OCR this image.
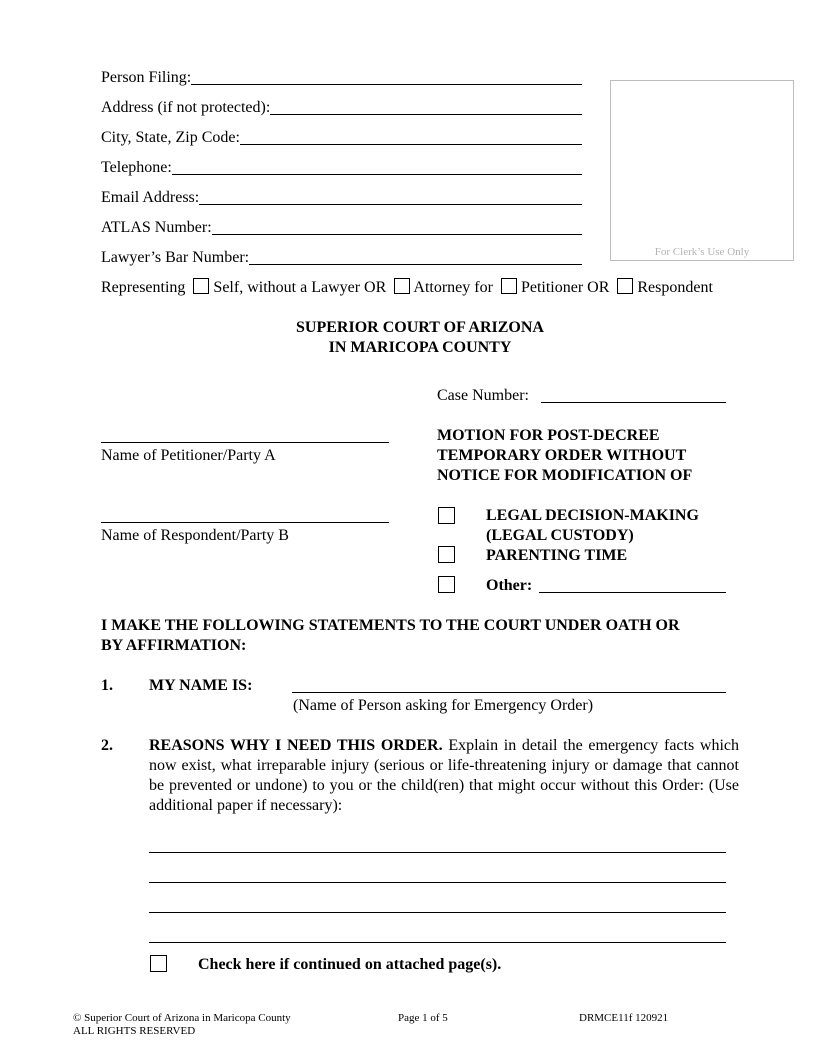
Person Filing:
Address (if not protected):
City, State, Zip Code:
Telephone:
Email Address:
ATLAS Number:
Lawyer’s Bar Number:	For Clerk’s Use Only
Representing Self, without a Lawyer OR Attorney for Petitioner OR Respondent
SUPERIOR COURT OF ARIZONA
IN MARICOPA COUNTY
Case Number:
Name of Petitioner/Party A
Name of Respondent/Party B
MOTION FOR POST-DECREE
TEMPORARY ORDER WITHOUT
NOTICE FOR MODIFICATION OF
LEGAL DECISION-MAKING
(LEGAL CUSTODY)
PARENTING TIME
Other:
I MAKE THE FOLLOWING STATEMENTS TO THE COURT UNDER OATH OR
BY AFFIRMATION:
1. MY NAME IS:
(Name of Person asking for Emergency Order)
2. REASONS WHY I NEED THIS ORDER. Explain in detail the emergency facts which now exist, what irreparable injury (serious or life-threatening injury or damage that cannot be prevented or undone) to you or the child(ren) that might occur without this Order: (Use additional paper if necessary):
Check here if continued on attached page(s).
© Superior Court of Arizona in Maricopa County
ALL RIGHTS RESERVED
Page 1 of 5	DRMCE11f 120921
